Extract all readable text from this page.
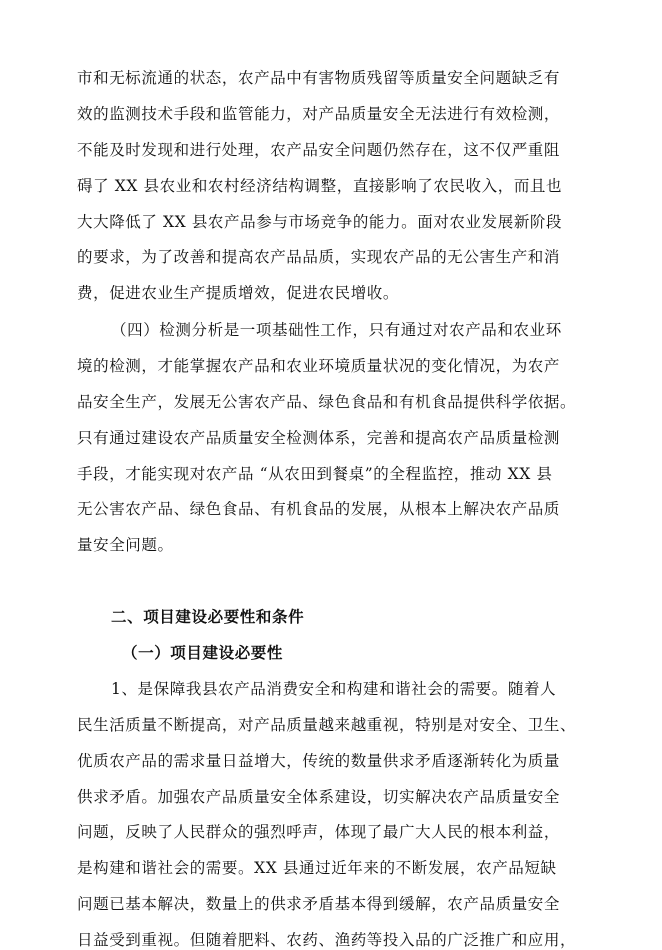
市和无标流通的状态，农产品中有害物质残留等质量安全问题缺乏有
效的监测技术手段和监管能力，对产品质量安全无法进行有效检测，
不能及时发现和进行处理，农产品安全问题仍然存在，这不仅严重阻
碍了 XX 县农业和农村经济结构调整，直接影响了农民收入，而且也
大大降低了 XX 县农产品参与市场竞争的能力。面对农业发展新阶段
的要求，为了改善和提高农产品品质，实现农产品的无公害生产和消
费，促进农业生产提质增效，促进农民增收。
（四）检测分析是一项基础性工作，只有通过对农产品和农业环
境的检测，才能掌握农产品和农业环境质量状况的变化情况，为农产
品安全生产，发展无公害农产品、绿色食品和有机食品提供科学依据。
只有通过建设农产品质量安全检测体系，完善和提高农产品质量检测
手段，才能实现对农产品 “从农田到餐桌”的全程监控，推动 XX 县
无公害农产品、绿色食品、有机食品的发展，从根本上解决农产品质
量安全问题。
二、项目建设必要性和条件
（一）项目建设必要性
1、是保障我县农产品消费安全和构建和谐社会的需要。随着人
民生活质量不断提高，对产品质量越来越重视，特别是对安全、卫生、
优质农产品的需求量日益增大，传统的数量供求矛盾逐渐转化为质量
供求矛盾。加强农产品质量安全体系建设，切实解决农产品质量安全
问题，反映了人民群众的强烈呼声，体现了最广大人民的根本利益，
是构建和谐社会的需要。XX 县通过近年来的不断发展，农产品短缺
问题已基本解决，数量上的供求矛盾基本得到缓解，农产品质量安全
日益受到重视。但随着肥料、农药、渔药等投入品的广泛推广和应用，
